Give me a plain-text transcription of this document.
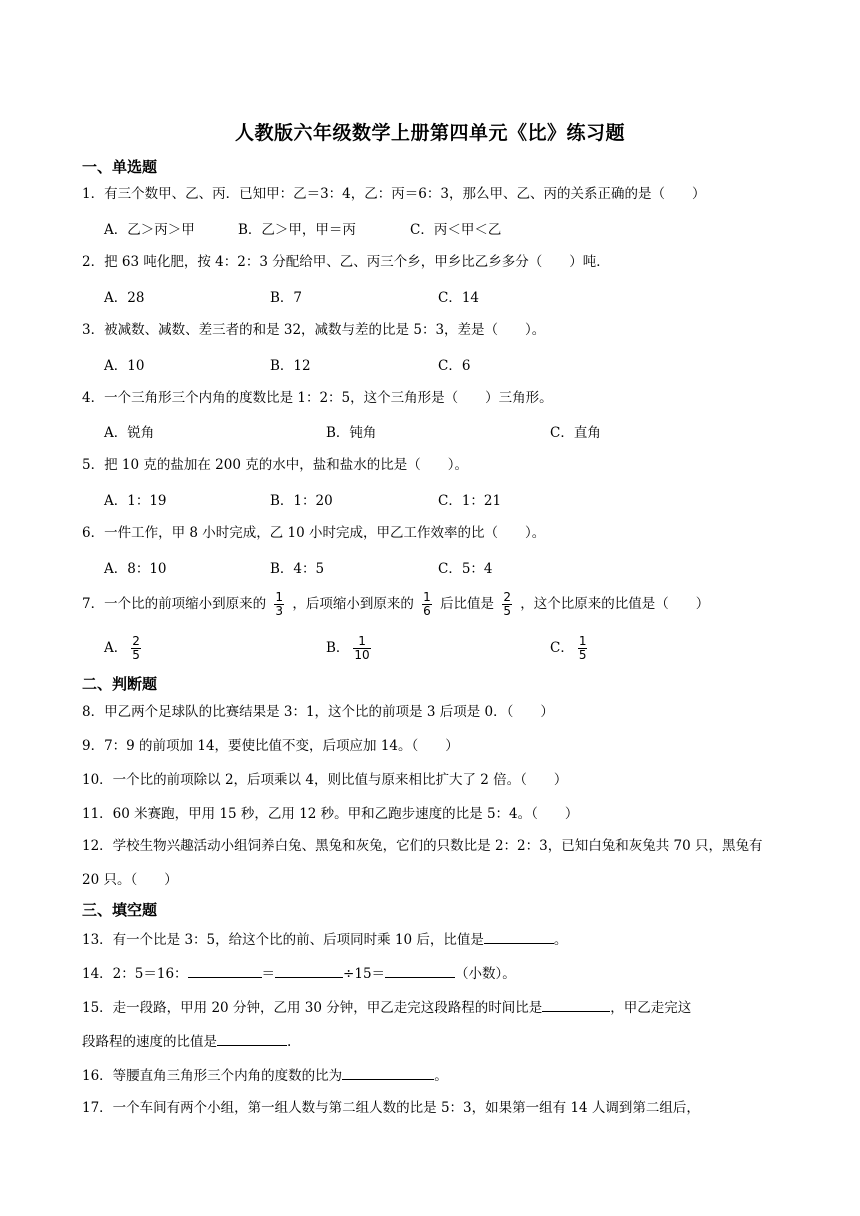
人教版六年级数学上册第四单元《比》练习题
一、单选题
1．有三个数甲、乙、丙．已知甲：乙＝3：4，乙：丙＝6：3，那么甲、乙、丙的关系正确的是（　　）
A．乙＞丙＞甲	B．乙＞甲，甲＝丙	C．丙＜甲＜乙
2．把 63 吨化肥，按 4：2：3 分配给甲、乙、丙三个乡，甲乡比乙乡多分（　　）吨．
A．28	B．7	C．14
3．被减数、减数、差三者的和是 32，减数与差的比是 5：3，差是（　　）。
A．10	B．12	C．6
4．一个三角形三个内角的度数比是 1：2：5，这个三角形是（　　）三角形。
A．锐角	B．钝角	C．直角
5．把 10 克的盐加在 200 克的水中，盐和盐水的比是（　　）。
A．1：19	B．1：20	C．1：21
6．一件工作，甲 8 小时完成，乙 10 小时完成，甲乙工作效率的比（　　）。
A．8：10	B．4：5	C．5：4
7．一个比的前项缩小到原来的 $\frac{1}{3}$ ，后项缩小到原来的 $\frac{1}{6}$ 后比值是 $\frac{2}{5}$ ，这个比原来的比值是（　　）
A． $\frac{2}{5}$	B． $\frac{1}{10}$	C． $\frac{1}{5}$
二、判断题
8．甲乙两个足球队的比赛结果是 3：1，这个比的前项是 3 后项是 0．（　　）
9．7：9 的前项加 14，要使比值不变，后项应加 14。（　　）
10．一个比的前项除以 2，后项乘以 4，则比值与原来相比扩大了 2 倍。（　　）
11．60 米赛跑，甲用 15 秒，乙用 12 秒。甲和乙跑步速度的比是 5：4。（　　）
12．学校生物兴趣活动小组饲养白兔、黑兔和灰兔，它们的只数比是 2：2：3，已知白兔和灰兔共 70 只，黑兔有 20 只。（　　）
三、填空题
13．有一个比是 3：5，给这个比的前、后项同时乘 10 后，比值是	。
14．2：5＝16：	＝	÷15＝	（小数）。
15．走一段路，甲用 20 分钟，乙用 30 分钟，甲乙走完这段路程的时间比是	，甲乙走完这
段路程的速度的比值是	.
16．等腰直角三角形三个内角的度数的比为	。
17．一个车间有两个小组，第一组人数与第二组人数的比是 5：3，如果第一组有 14 人调到第二组后，
